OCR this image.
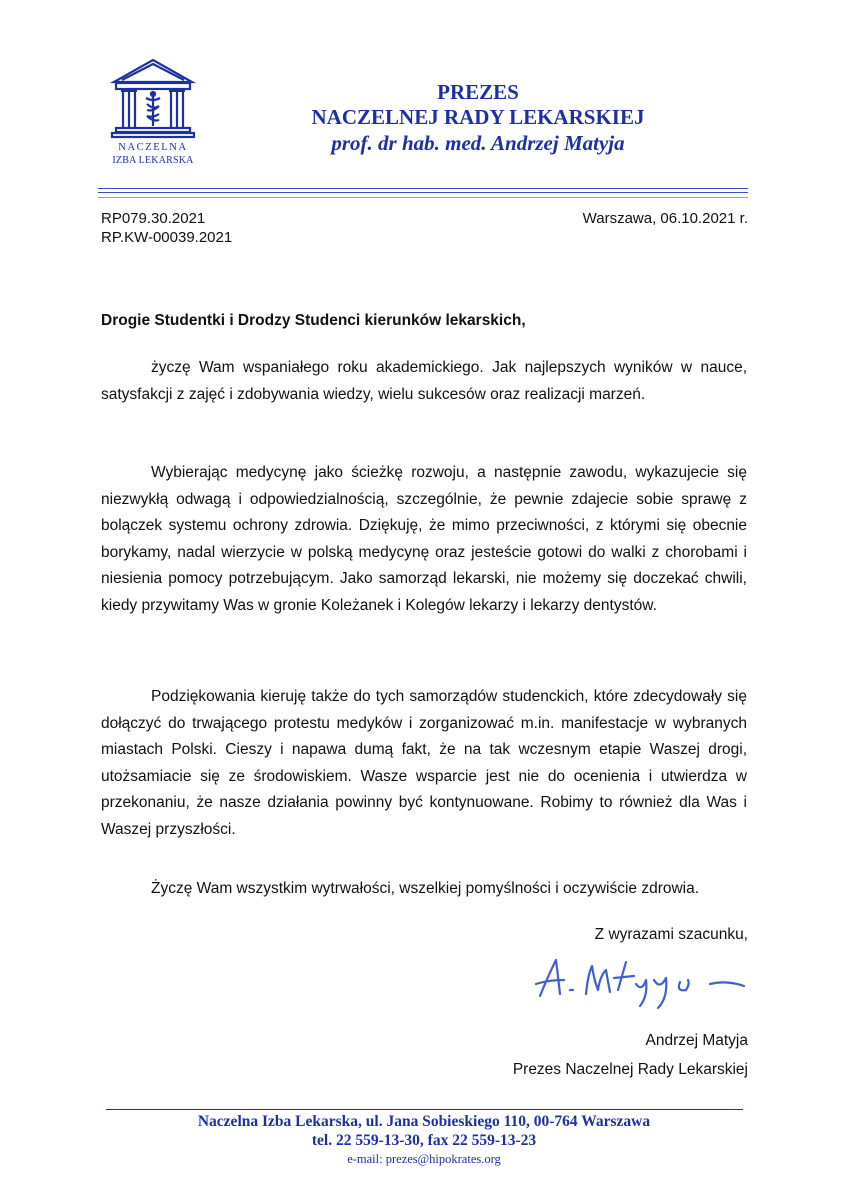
NACZELNA
IZBA LEKARSKA
PREZES
NACZELNEJ RADY LEKARSKIEJ
prof. dr hab. med. Andrzej Matyja
RP079.30.2021
RP.KW-00039.2021
Warszawa, 06.10.2021 r.
Drogie Studentki i Drodzy Studenci kierunków lekarskich,
życzę Wam wspaniałego roku akademickiego. Jak najlepszych wyników w nauce, satysfakcji z zajęć i zdobywania wiedzy, wielu sukcesów oraz realizacji marzeń.
Wybierając medycynę jako ścieżkę rozwoju, a następnie zawodu, wykazujecie się niezwykłą odwagą i odpowiedzialnością, szczególnie, że pewnie zdajecie sobie sprawę z bolączek systemu ochrony zdrowia. Dziękuję, że mimo przeciwności, z którymi się obecnie borykamy, nadal wierzycie w polską medycynę oraz jesteście gotowi do walki z chorobami i niesienia pomocy potrzebującym. Jako samorząd lekarski, nie możemy się doczekać chwili, kiedy przywitamy Was w gronie Koleżanek i Kolegów lekarzy i lekarzy dentystów.
Podziękowania kieruję także do tych samorządów studenckich, które zdecydowały się dołączyć do trwającego protestu medyków i zorganizować m.in. manifestacje w wybranych miastach Polski. Cieszy i napawa dumą fakt, że na tak wczesnym etapie Waszej drogi, utożsamiacie się ze środowiskiem. Wasze wsparcie jest nie do ocenienia i utwierdza w przekonaniu, że nasze działania powinny być kontynuowane. Robimy to również dla Was i Waszej przyszłości.
Życzę Wam wszystkim wytrwałości, wszelkiej pomyślności i oczywiście zdrowia.
Z wyrazami szacunku,
Andrzej Matyja
Prezes Naczelnej Rady Lekarskiej
Naczelna Izba Lekarska, ul. Jana Sobieskiego 110, 00-764 Warszawa
tel. 22 559-13-30, fax 22 559-13-23
e-mail: prezes@hipokrates.org
